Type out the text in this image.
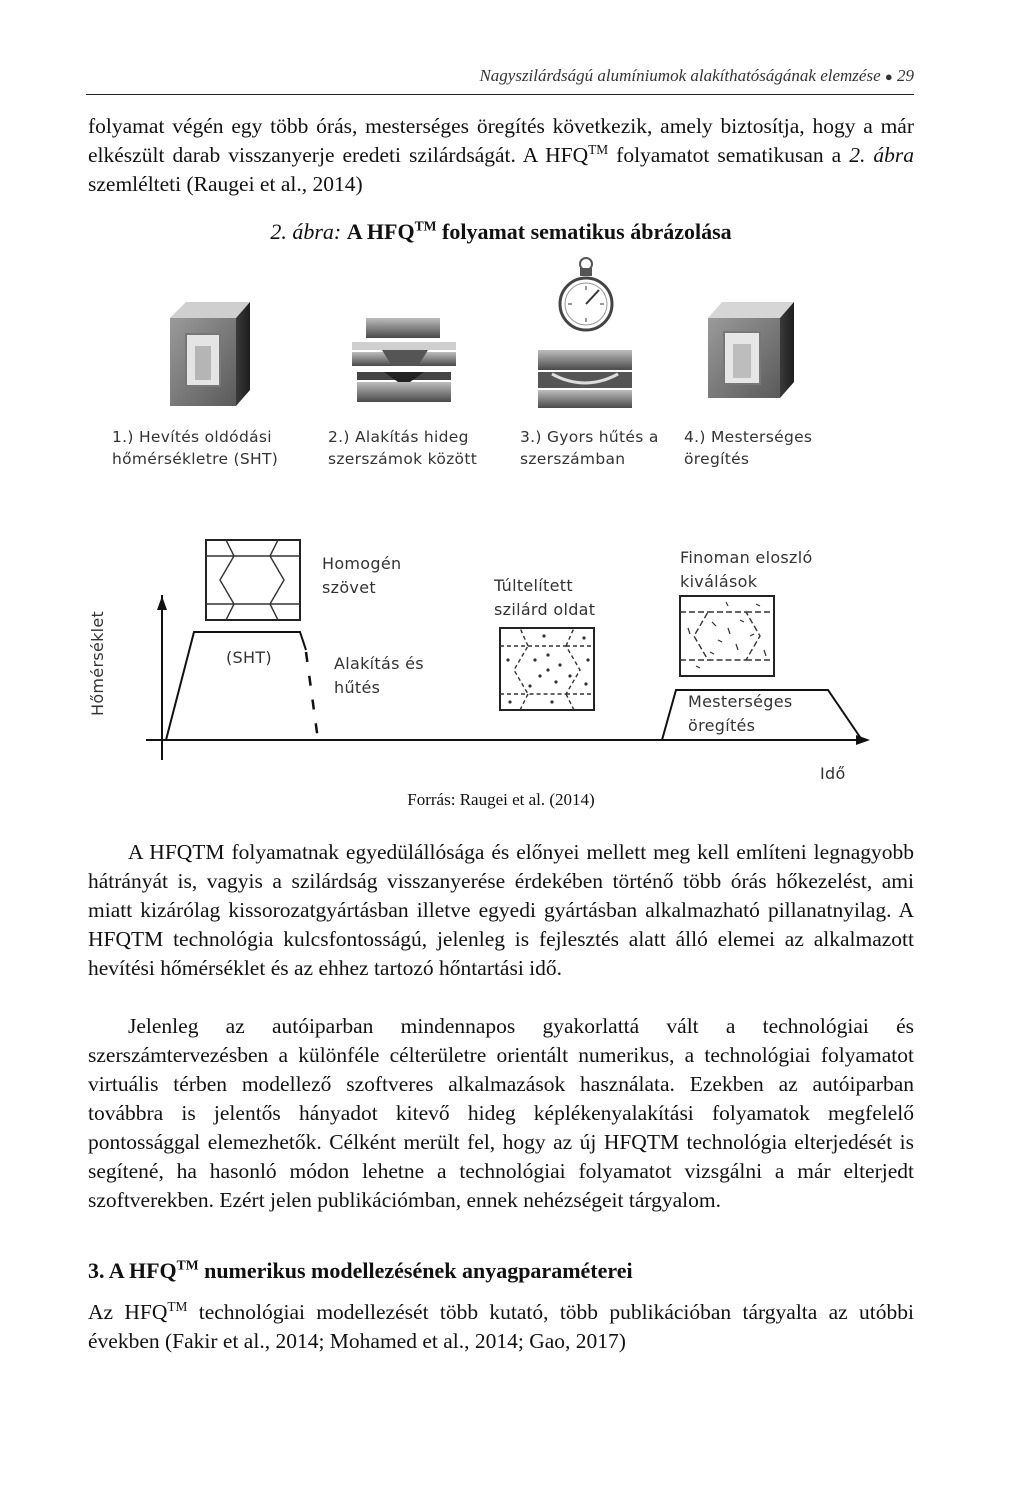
Nagyszilárdságú alumíniumok alakíthatóságának elemzése ● 29

folyamat végén egy több órás, mesterséges öregítés következik, amely biztosítja, hogy a már elkészült darab visszanyerje eredeti szilárdságát. A HFQ™ folyamatot sematikusan a 2. ábra szemlélteti (Raugei et al., 2014)

2. ábra: A HFQ™ folyamat sematikus ábrázolása
1.) Hevítés oldódási
hőmérsékletre (SHT)
2.) Alakítás hideg
szerszámok között
3.) Gyors hűtés a
szerszámban
4.) Mesterséges
öregítés
Hőmérséklet
Idő
(SHT)
Homogén
szövet
Alakítás és
hűtés
Túltelített
szilárd oldat
Finoman eloszló
kiválások
Mesterséges
öregítés
Forrás: Raugei et al. (2014)

A HFQTM folyamatnak egyedülállósága és előnyei mellett meg kell említeni legnagyobb hátrányát is, vagyis a szilárdság visszanyerése érdekében történő több órás hőkezelést, ami miatt kizárólag kissorozatgyártásban illetve egyedi gyártásban alkalmazható pillanatnyilag. A HFQTM technológia kulcsfontosságú, jelenleg is fejlesztés alatt álló elemei az alkalmazott hevítési hőmérséklet és az ehhez tartozó hőntartási idő.

Jelenleg az autóiparban mindennapos gyakorlattá vált a technológiai és szerszámtervezésben a különféle célterületre orientált numerikus, a technológiai folyamatot virtuális térben modellező szoftveres alkalmazások használata. Ezekben az autóiparban továbbra is jelentős hányadot kitevő hideg képlékenyalakítási folyamatok megfelelő pontossággal elemezhetők. Célként merült fel, hogy az új HFQTM technológia elterjedését is segítené, ha hasonló módon lehetne a technológiai folyamatot vizsgálni a már elterjedt szoftverekben. Ezért jelen publikációmban, ennek nehézségeit tárgyalom.

3. A HFQ™ numerikus modellezésének anyagparaméterei

Az HFQ™ technológiai modellezését több kutató, több publikációban tárgyalta az utóbbi években (Fakir et al., 2014; Mohamed et al., 2014; Gao, 2017)
